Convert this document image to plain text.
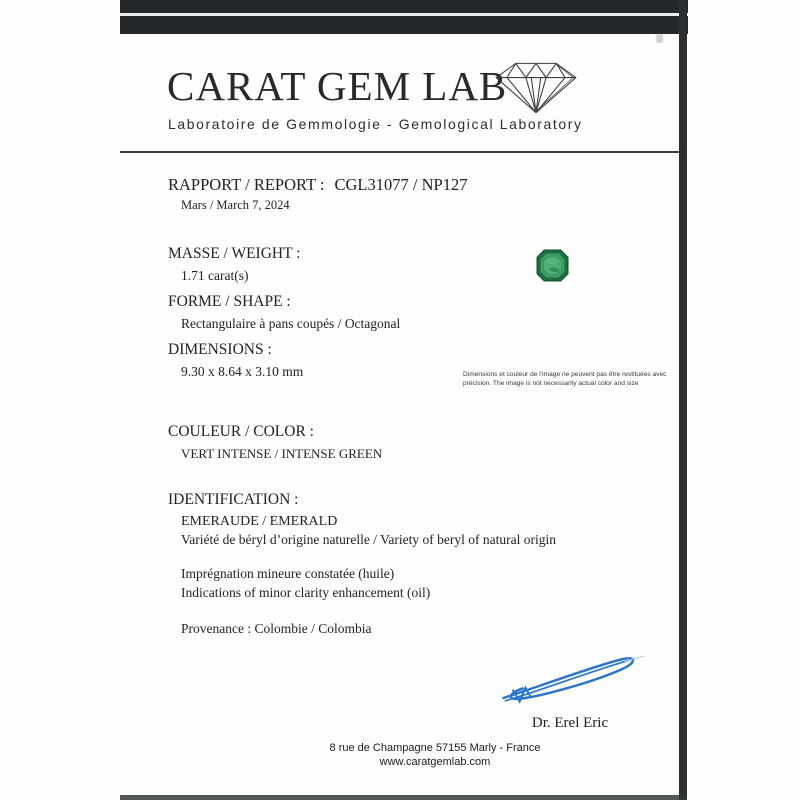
CARAT GEM LAB
Laboratoire de Gemmologie - Gemological Laboratory
RAPPORT / REPORT : CGL31077 / NP127
Mars / March 7, 2024
MASSE / WEIGHT :
1.71 carat(s)
FORME / SHAPE :
Rectangulaire à pans coupés / Octagonal
DIMENSIONS :
9.30 x 8.64 x 3.10 mm	Dimensions et couleur de l’image ne peuvent pas être restituées avec précision. The image is not necessarily actual color and size
COULEUR / COLOR :
VERT INTENSE / INTENSE GREEN
IDENTIFICATION :
EMERAUDE / EMERALD
Variété de béryl d’origine naturelle / Variety of beryl of natural origin
Imprégnation mineure constatée (huile)
Indications of minor clarity enhancement (oil)
Provenance : Colombie / Colombia
Dr. Erel Eric
8 rue de Champagne 57155 Marly - France
www.caratgemlab.com
